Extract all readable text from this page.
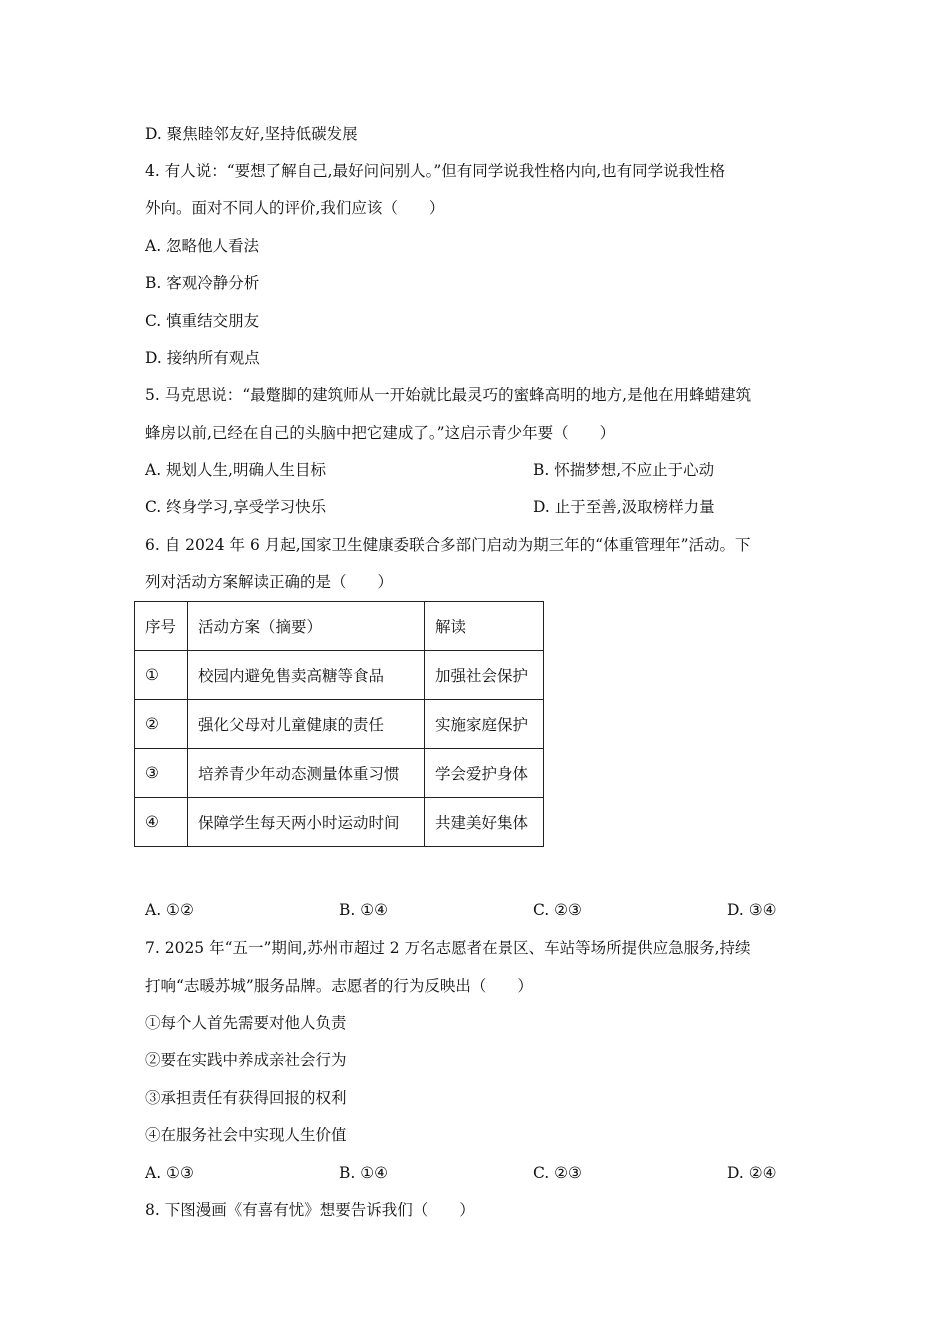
D. 聚焦睦邻友好,坚持低碳发展
4. 有人说：“要想了解自己,最好问问别人。”但有同学说我性格内向,也有同学说我性格
外向。面对不同人的评价,我们应该（　　）
A. 忽略他人看法
B. 客观冷静分析
C. 慎重结交朋友
D. 接纳所有观点
5. 马克思说：“最蹩脚的建筑师从一开始就比最灵巧的蜜蜂高明的地方,是他在用蜂蜡建筑
蜂房以前,已经在自己的头脑中把它建成了。”这启示青少年要（　　）
A. 规划人生,明确人生目标	B. 怀揣梦想,不应止于心动
C. 终身学习,享受学习快乐	D. 止于至善,汲取榜样力量
6. 自 2024 年 6 月起,国家卫生健康委联合多部门启动为期三年的“体重管理年”活动。下
列对活动方案解读正确的是（　　）
序号	活动方案（摘要）	解读
①	校园内避免售卖高糖等食品	加强社会保护
②	强化父母对儿童健康的责任	实施家庭保护
③	培养青少年动态测量体重习惯	学会爱护身体
④	保障学生每天两小时运动时间	共建美好集体
A. ①②	B. ①④	C. ②③	D. ③④
7. 2025 年“五一”期间,苏州市超过 2 万名志愿者在景区、车站等场所提供应急服务,持续
打响“志暖苏城”服务品牌。志愿者的行为反映出（　　）
①每个人首先需要对他人负责
②要在实践中养成亲社会行为
③承担责任有获得回报的权利
④在服务社会中实现人生价值
A. ①③	B. ①④	C. ②③	D. ②④
8. 下图漫画《有喜有忧》想要告诉我们（　　）
